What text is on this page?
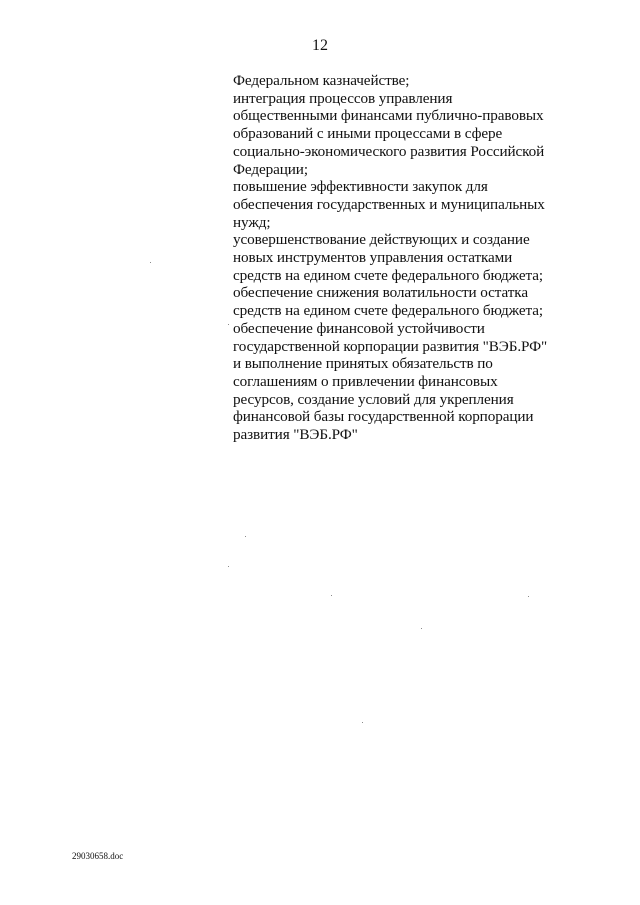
12
Федеральном казначействе;
интеграция процессов управления
общественными финансами публично-правовых
образований с иными процессами в сфере
социально-экономического развития Российской
Федерации;
повышение эффективности закупок для
обеспечения государственных и муниципальных
нужд;
усовершенствование действующих и создание
новых инструментов управления остатками
средств на едином счете федерального бюджета;
обеспечение снижения волатильности остатка
средств на едином счете федерального бюджета;
обеспечение финансовой устойчивости
государственной корпорации развития "ВЭБ.РФ"
и выполнение принятых обязательств по
соглашениям о привлечении финансовых
ресурсов, создание условий для укрепления
финансовой базы государственной корпорации
развития "ВЭБ.РФ"
29030658.doc
